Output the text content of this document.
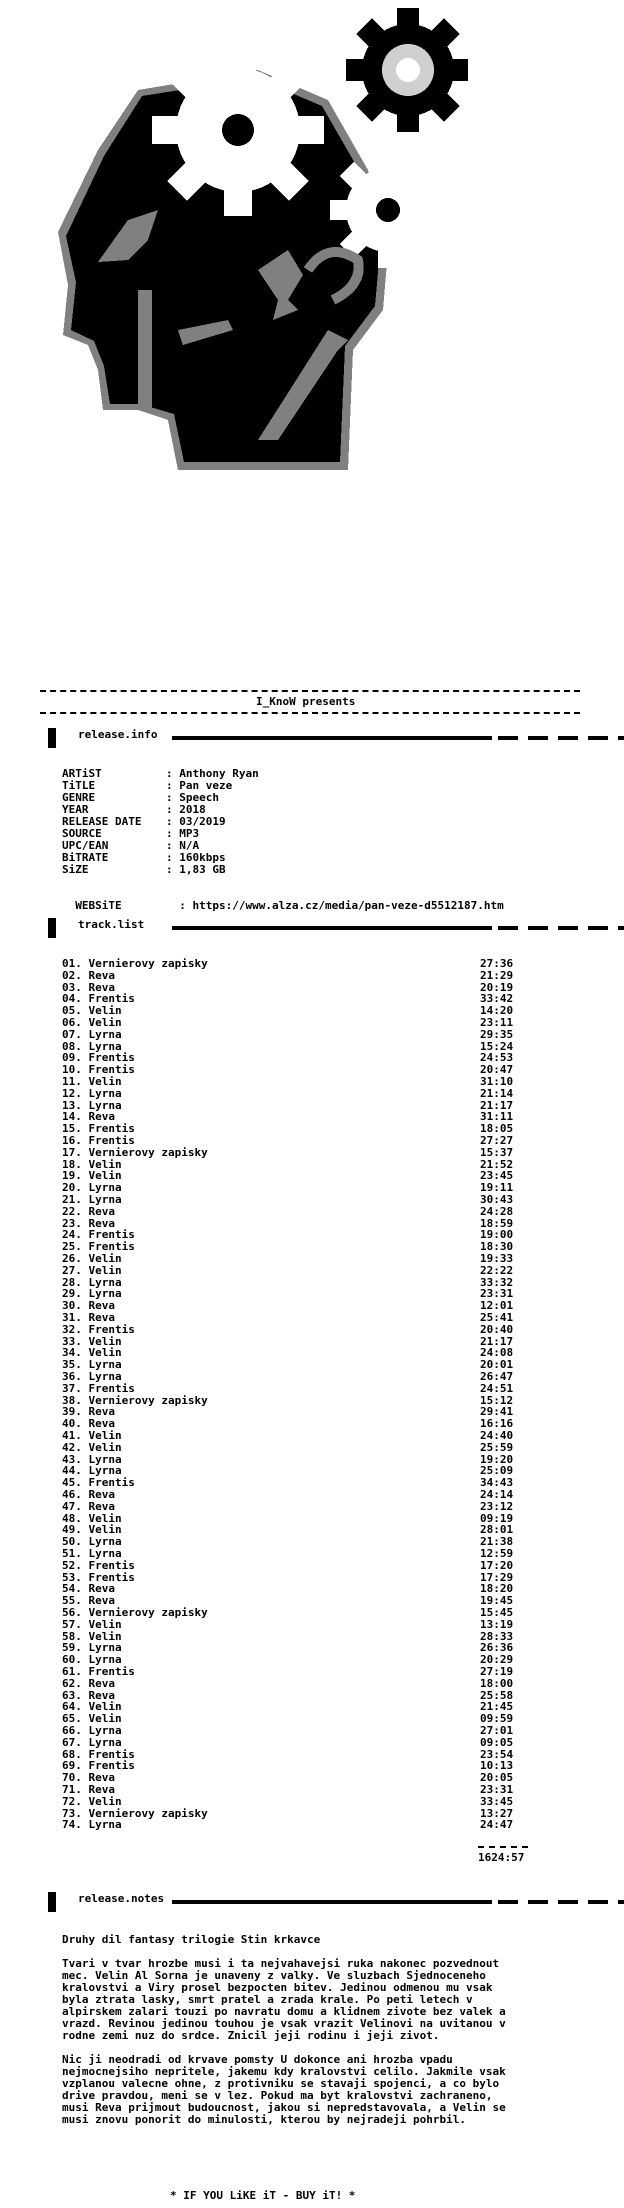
I_KnoW presents
release.info
ARTiST	: Anthony Ryan
TiTLE	: Pan veze
GENRE	: Speech
YEAR	: 2018
RELEASE DATE : 03/2019
SOURCE	: MP3
UPC/EAN	: N/A
BiTRATE	: 160kbps
SiZE	: 1,83 GB

WEBSiTE	: https://www.alza.cz/media/pan-veze-d5512187.htm

track.list
01. Vernierovy zapisky	27:36
02. Reva	21:29
03. Reva	20:19
04. Frentis	33:42
05. Velin	14:20
06. Velin	23:11
07. Lyrna	29:35
08. Lyrna	15:24
09. Frentis	24:53
10. Frentis	20:47
11. Velin	31:10
12. Lyrna	21:14
13. Lyrna	21:17
14. Reva	31:11
15. Frentis	18:05
16. Frentis	27:27
17. Vernierovy zapisky	15:37
18. Velin	21:52
19. Velin	23:45
20. Lyrna	19:11
21. Lyrna	30:43
22. Reva	24:28
23. Reva	18:59
24. Frentis	19:00
25. Frentis	18:30
26. Velin	19:33
27. Velin	22:22
28. Lyrna	33:32
29. Lyrna	23:31
30. Reva	12:01
31. Reva	25:41
32. Frentis	20:40
33. Velin	21:17
34. Velin	24:08
35. Lyrna	20:01
36. Lyrna	26:47
37. Frentis	24:51
38. Vernierovy zapisky	15:12
39. Reva	29:41
40. Reva	16:16
41. Velin	24:40
42. Velin	25:59
43. Lyrna	19:20
44. Lyrna	25:09
45. Frentis	34:43
46. Reva	24:14
47. Reva	23:12
48. Velin	09:19
49. Velin	28:01
50. Lyrna	21:38
51. Lyrna	12:59
52. Frentis	17:20
53. Frentis	17:29
54. Reva	18:20
55. Reva	19:45
56. Vernierovy zapisky	15:45
57. Velin	13:19
58. Velin	28:33
59. Lyrna	26:36
60. Lyrna	20:29
61. Frentis	27:19
62. Reva	18:00
63. Reva	25:58
64. Velin	21:45
65. Velin	09:59
66. Lyrna	27:01
67. Lyrna	09:05
68. Frentis	23:54
69. Frentis	10:13
70. Reva	20:05
71. Reva	23:31
72. Velin	33:45
73. Vernierovy zapisky	13:27
74. Lyrna	24:47
1624:57
release.notes

Druhy dil fantasy trilogie Stin krkavce

Tvari v tvar hrozbe musi i ta nejvahavejsi ruka nakonec pozvednout mec. Velin Al Sorna je unaveny z valky. Ve sluzbach Sjednoceneho kralovstvi a Viry prosel bezpocten bitev. Jedinou odmenou mu vsak byla ztrata lasky, smrt pratel a zrada krale. Po peti letech v alpirskem zalari touzi po navratu domu a klidnem zivote bez valek a vrazd. Revinou jedinou touhou je vsak vrazit Velinovi na uvitanou v rodne zemi nuz do srdce. Znicil jeji rodinu i jeji zivot.

Nic ji neodradi od krvave pomsty U dokonce ani hrozba vpadu nejmocnejsiho nepritele, jakemu kdy kralovstvi celilo. Jakmile vsak vzplanou valecne ohne, z protivniku se stavaji spojenci, a co bylo drive pravdou, meni se v lez. Pokud ma byt kralovstvi zachraneno, musi Reva prijmout budoucnost, jakou si nepredstavovala, a Velin se musi znovu ponorit do minulosti, kterou by nejradeji pohrbil.

* IF YOU LiKE iT - BUY iT! *
